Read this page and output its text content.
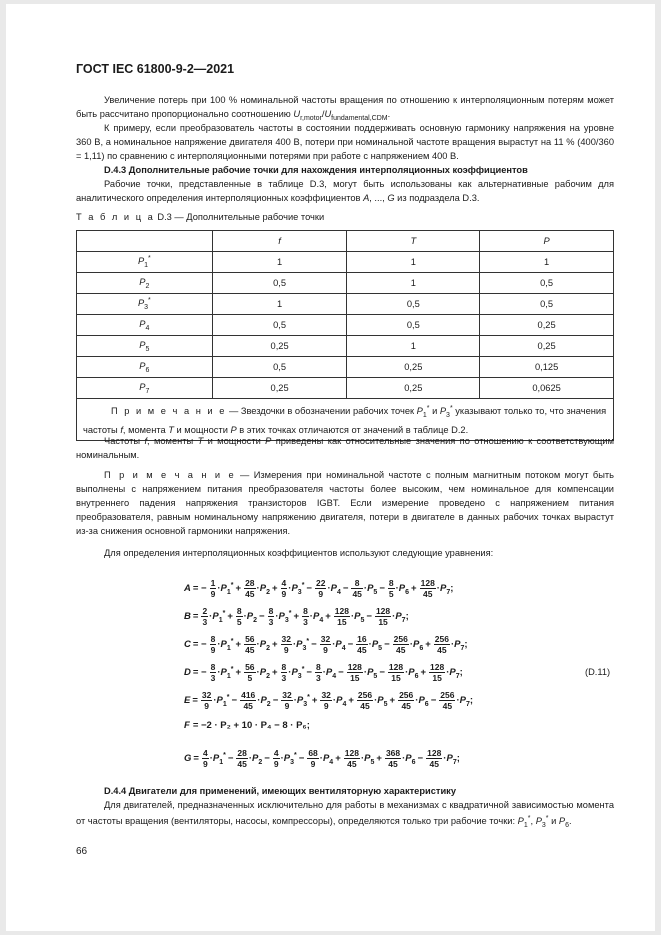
ГОСТ IEC 61800-9-2—2021

Увеличение потерь при 100 % номинальной частоты вращения по отношению к интерполяционным потерям может быть рассчитано пропорционально соотношению $U_{r,motor}/U_{fundamental,CDM}$.

К примеру, если преобразователь частоты в состоянии поддерживать основную гармонику напряжения на уровне 360 В, а номинальное напряжение двигателя 400 В, потери при номинальной частоте вращения вырастут на 11 % (400/360 = 1,11) по сравнению с интерполяционными потерями при работе с напряжением 400 В.

D.4.3 Дополнительные рабочие точки для нахождения интерполяционных коэффициентов

Рабочие точки, представленные в таблице D.3, могут быть использованы как альтернативные рабочим для аналитического определения интерполяционных коэффициентов A, ..., G из подраздела D.3.

Т а б л и ц а D.3 — Дополнительные рабочие точки
	f	T	P
$P_1^*$	1	1	1
$P_2$	0,5	1	0,5
$P_3^*$	1	0,5	0,5
$P_4$	0,5	0,5	0,25
$P_5$	0,25	1	0,25
$P_6$	0,5	0,25	0,125
$P_7$	0,25	0,25	0,0625
П р и м е ч а н и е — Звездочки в обозначении рабочих точек $P_1^*$ и $P_3^*$ указывают только то, что значения частоты f, момента T и мощности P в этих точках отличаются от значений в таблице D.2.			

Частоты f, моменты T и мощности P приведены как относительные значения по отношению к соответствующим номинальным.

П р и м е ч а н и е — Измерения при номинальной частоте с полным магнитным потоком могут быть выполнены с напряжением питания преобразователя частоты более высоким, чем номинальное для компенсации внутреннего падения напряжения транзисторов IGBT. Если измерение проведено с напряжением питания преобразователя, равным номинальному напряжению двигателя, потери в двигателе в данных рабочих точках вырастут из-за снижения основной гармоники напряжения.

Для определения интерполяционных коэффициентов используют следующие уравнения:

A = − $\frac{1}{9} \cdot P_1^* + \frac{28}{45} \cdot P_2 + \frac{4}{9} \cdot P_3^* - \frac{22}{9} \cdot P_4 - \frac{8}{45} \cdot P_5 - \frac{8}{5} \cdot P_6 + \frac{128}{45} \cdot P_7$;
$B = \frac{2}{3} \cdot P_1^* + \frac{8}{5} \cdot P_2 - \frac{8}{3} \cdot P_3^* + \frac{8}{3} \cdot P_4 + \frac{128}{15} \cdot P_5 - \frac{128}{15} \cdot P_7$;
C = − $\frac{8}{9} \cdot P_1^* + \frac{56}{45} \cdot P_2 + \frac{32}{9} \cdot P_3^* - \frac{32}{9} \cdot P_4 - \frac{16}{45} \cdot P_5 - \frac{256}{45} \cdot P_6 + \frac{256}{45} \cdot P_7$;
D = − $\frac{8}{3} \cdot P_1^* + \frac{56}{5} \cdot P_2 + \frac{8}{3} \cdot P_3^* - \frac{8}{3} \cdot P_4 - \frac{128}{15} \cdot P_5 - \frac{128}{15} \cdot P_6 + \frac{128}{15} \cdot P_7$;
$E = \frac{32}{9} \cdot P_1^* - \frac{416}{45} \cdot P_2 - \frac{32}{9} \cdot P_3^* + \frac{32}{9} \cdot P_4 + \frac{256}{45} \cdot P_5 + \frac{256}{45} \cdot P_6 - \frac{256}{45} \cdot P_7$;
F = −2 · P₂ + 10 · P₄ − 8 · P₆;
$G = \frac{4}{9} \cdot P_1^* - \frac{28}{45} \cdot P_2 - \frac{4}{9} \cdot P_3^* - \frac{68}{9} \cdot P_4 + \frac{128}{45} \cdot P_5 + \frac{368}{45} \cdot P_6 - \frac{128}{45} \cdot P_7$;
(D.11)

D.4.4 Двигатели для применений, имеющих вентиляторную характеристику

Для двигателей, предназначенных исключительно для работы в механизмах с квадратичной зависимостью момента от частоты вращения (вентиляторы, насосы, компрессоры), определяются только три рабочие точки: $P_1^*$, $P_3^*$ и $P_6$.

66
